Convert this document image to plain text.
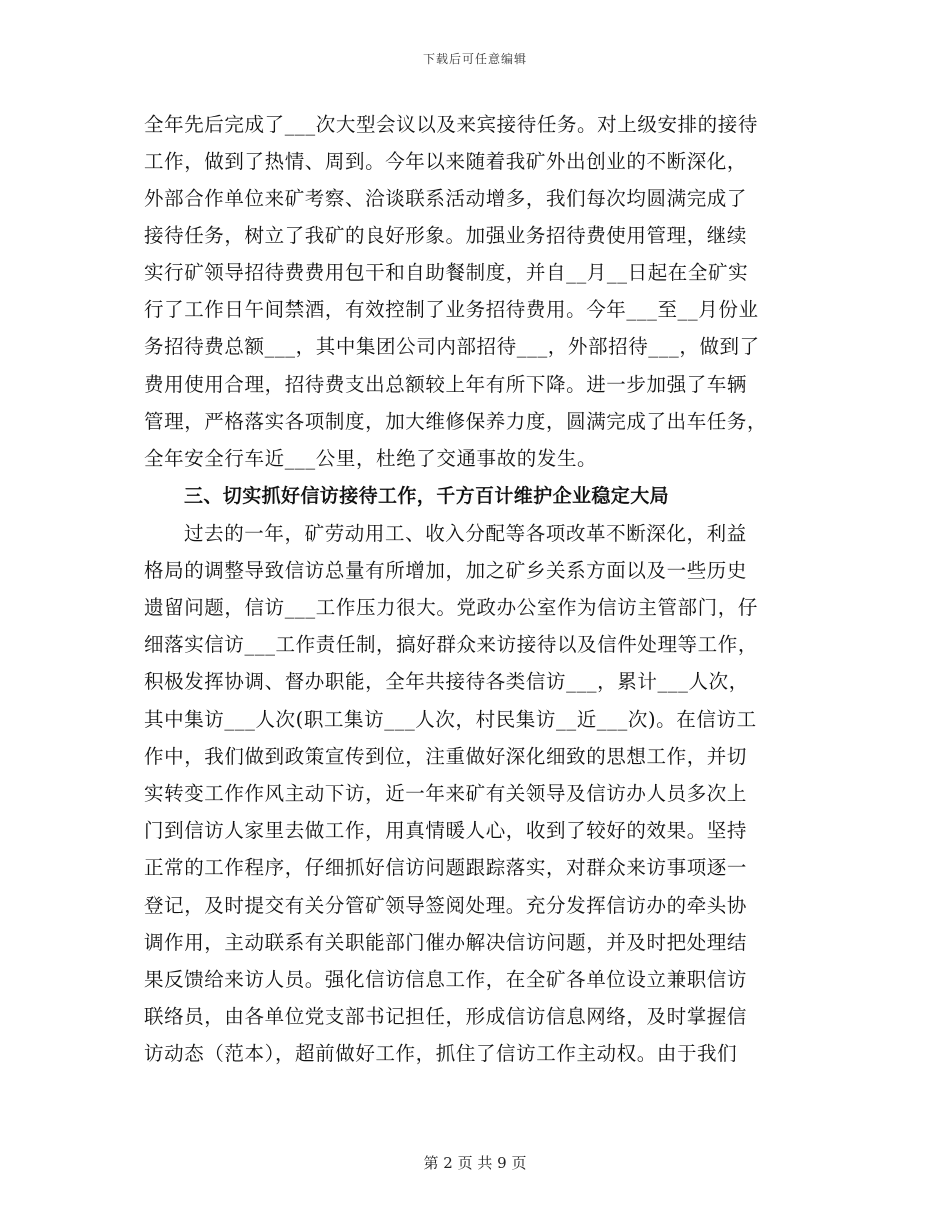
下载后可任意编辑
全年先后完成了___次大型会议以及来宾接待任务。对上级安排的接待
工作，做到了热情、周到。今年以来随着我矿外出创业的不断深化，
外部合作单位来矿考察、洽谈联系活动增多，我们每次均圆满完成了
接待任务，树立了我矿的良好形象。加强业务招待费使用管理，继续
实行矿领导招待费费用包干和自助餐制度，并自__月__日起在全矿实
行了工作日午间禁酒，有效控制了业务招待费用。今年___至__月份业
务招待费总额___，其中集团公司内部招待___，外部招待___，做到了
费用使用合理，招待费支出总额较上年有所下降。进一步加强了车辆
管理，严格落实各项制度，加大维修保养力度，圆满完成了出车任务，
全年安全行车近___公里，杜绝了交通事故的发生。
三、切实抓好信访接待工作，千方百计维护企业稳定大局
过去的一年，矿劳动用工、收入分配等各项改革不断深化，利益
格局的调整导致信访总量有所增加，加之矿乡关系方面以及一些历史
遗留问题，信访___工作压力很大。党政办公室作为信访主管部门，仔
细落实信访___工作责任制，搞好群众来访接待以及信件处理等工作，
积极发挥协调、督办职能，全年共接待各类信访___，累计___人次，
其中集访___人次(职工集访___人次，村民集访__近___次)。在信访工
作中，我们做到政策宣传到位，注重做好深化细致的思想工作，并切
实转变工作作风主动下访，近一年来矿有关领导及信访办人员多次上
门到信访人家里去做工作，用真情暖人心，收到了较好的效果。坚持
正常的工作程序，仔细抓好信访问题跟踪落实，对群众来访事项逐一
登记，及时提交有关分管矿领导签阅处理。充分发挥信访办的牵头协
调作用，主动联系有关职能部门催办解决信访问题，并及时把处理结
果反馈给来访人员。强化信访信息工作，在全矿各单位设立兼职信访
联络员，由各单位党支部书记担任，形成信访信息网络，及时掌握信
访动态（范本），超前做好工作，抓住了信访工作主动权。由于我们
第 2 页 共 9 页
